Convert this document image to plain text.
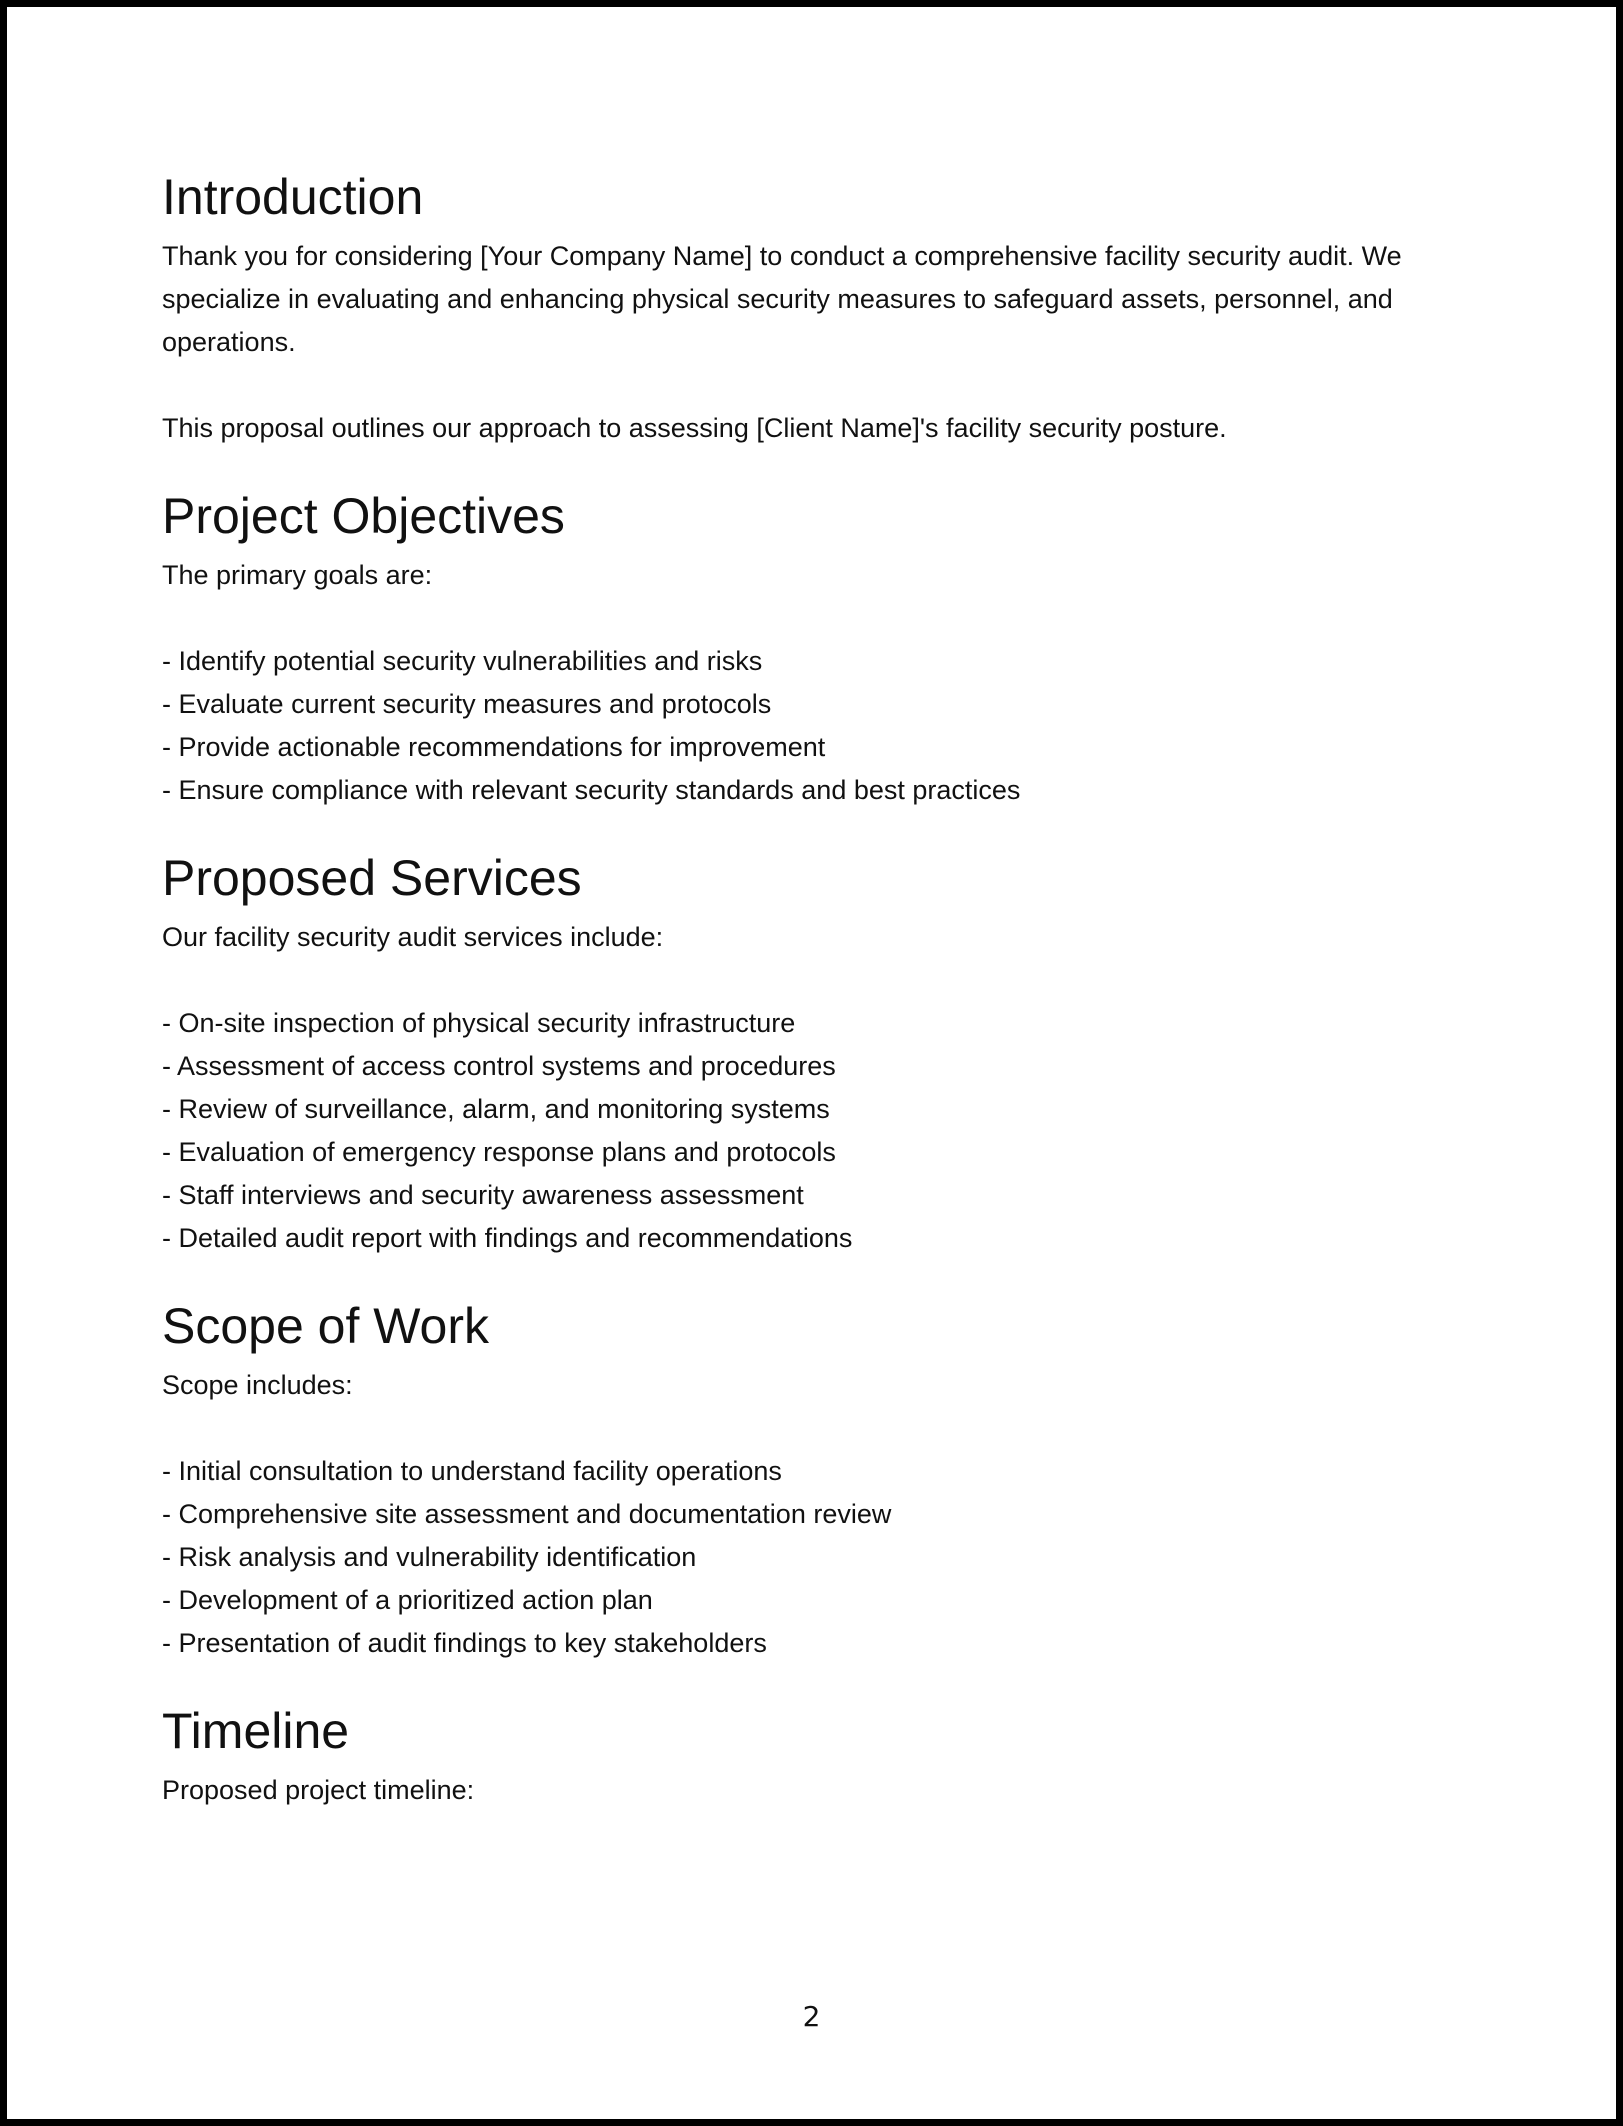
Introduction

Thank you for considering [Your Company Name] to conduct a comprehensive facility security audit. We specialize in evaluating and enhancing physical security measures to safeguard assets, personnel, and operations.

This proposal outlines our approach to assessing [Client Name]'s facility security posture.

Project Objectives

The primary goals are:

- Identify potential security vulnerabilities and risks
- Evaluate current security measures and protocols
- Provide actionable recommendations for improvement
- Ensure compliance with relevant security standards and best practices
Proposed Services

Our facility security audit services include:

- On-site inspection of physical security infrastructure
- Assessment of access control systems and procedures
- Review of surveillance, alarm, and monitoring systems
- Evaluation of emergency response plans and protocols
- Staff interviews and security awareness assessment
- Detailed audit report with findings and recommendations
Scope of Work

Scope includes:

- Initial consultation to understand facility operations
- Comprehensive site assessment and documentation review
- Risk analysis and vulnerability identification
- Development of a prioritized action plan
- Presentation of audit findings to key stakeholders
Timeline

Proposed project timeline:

2
